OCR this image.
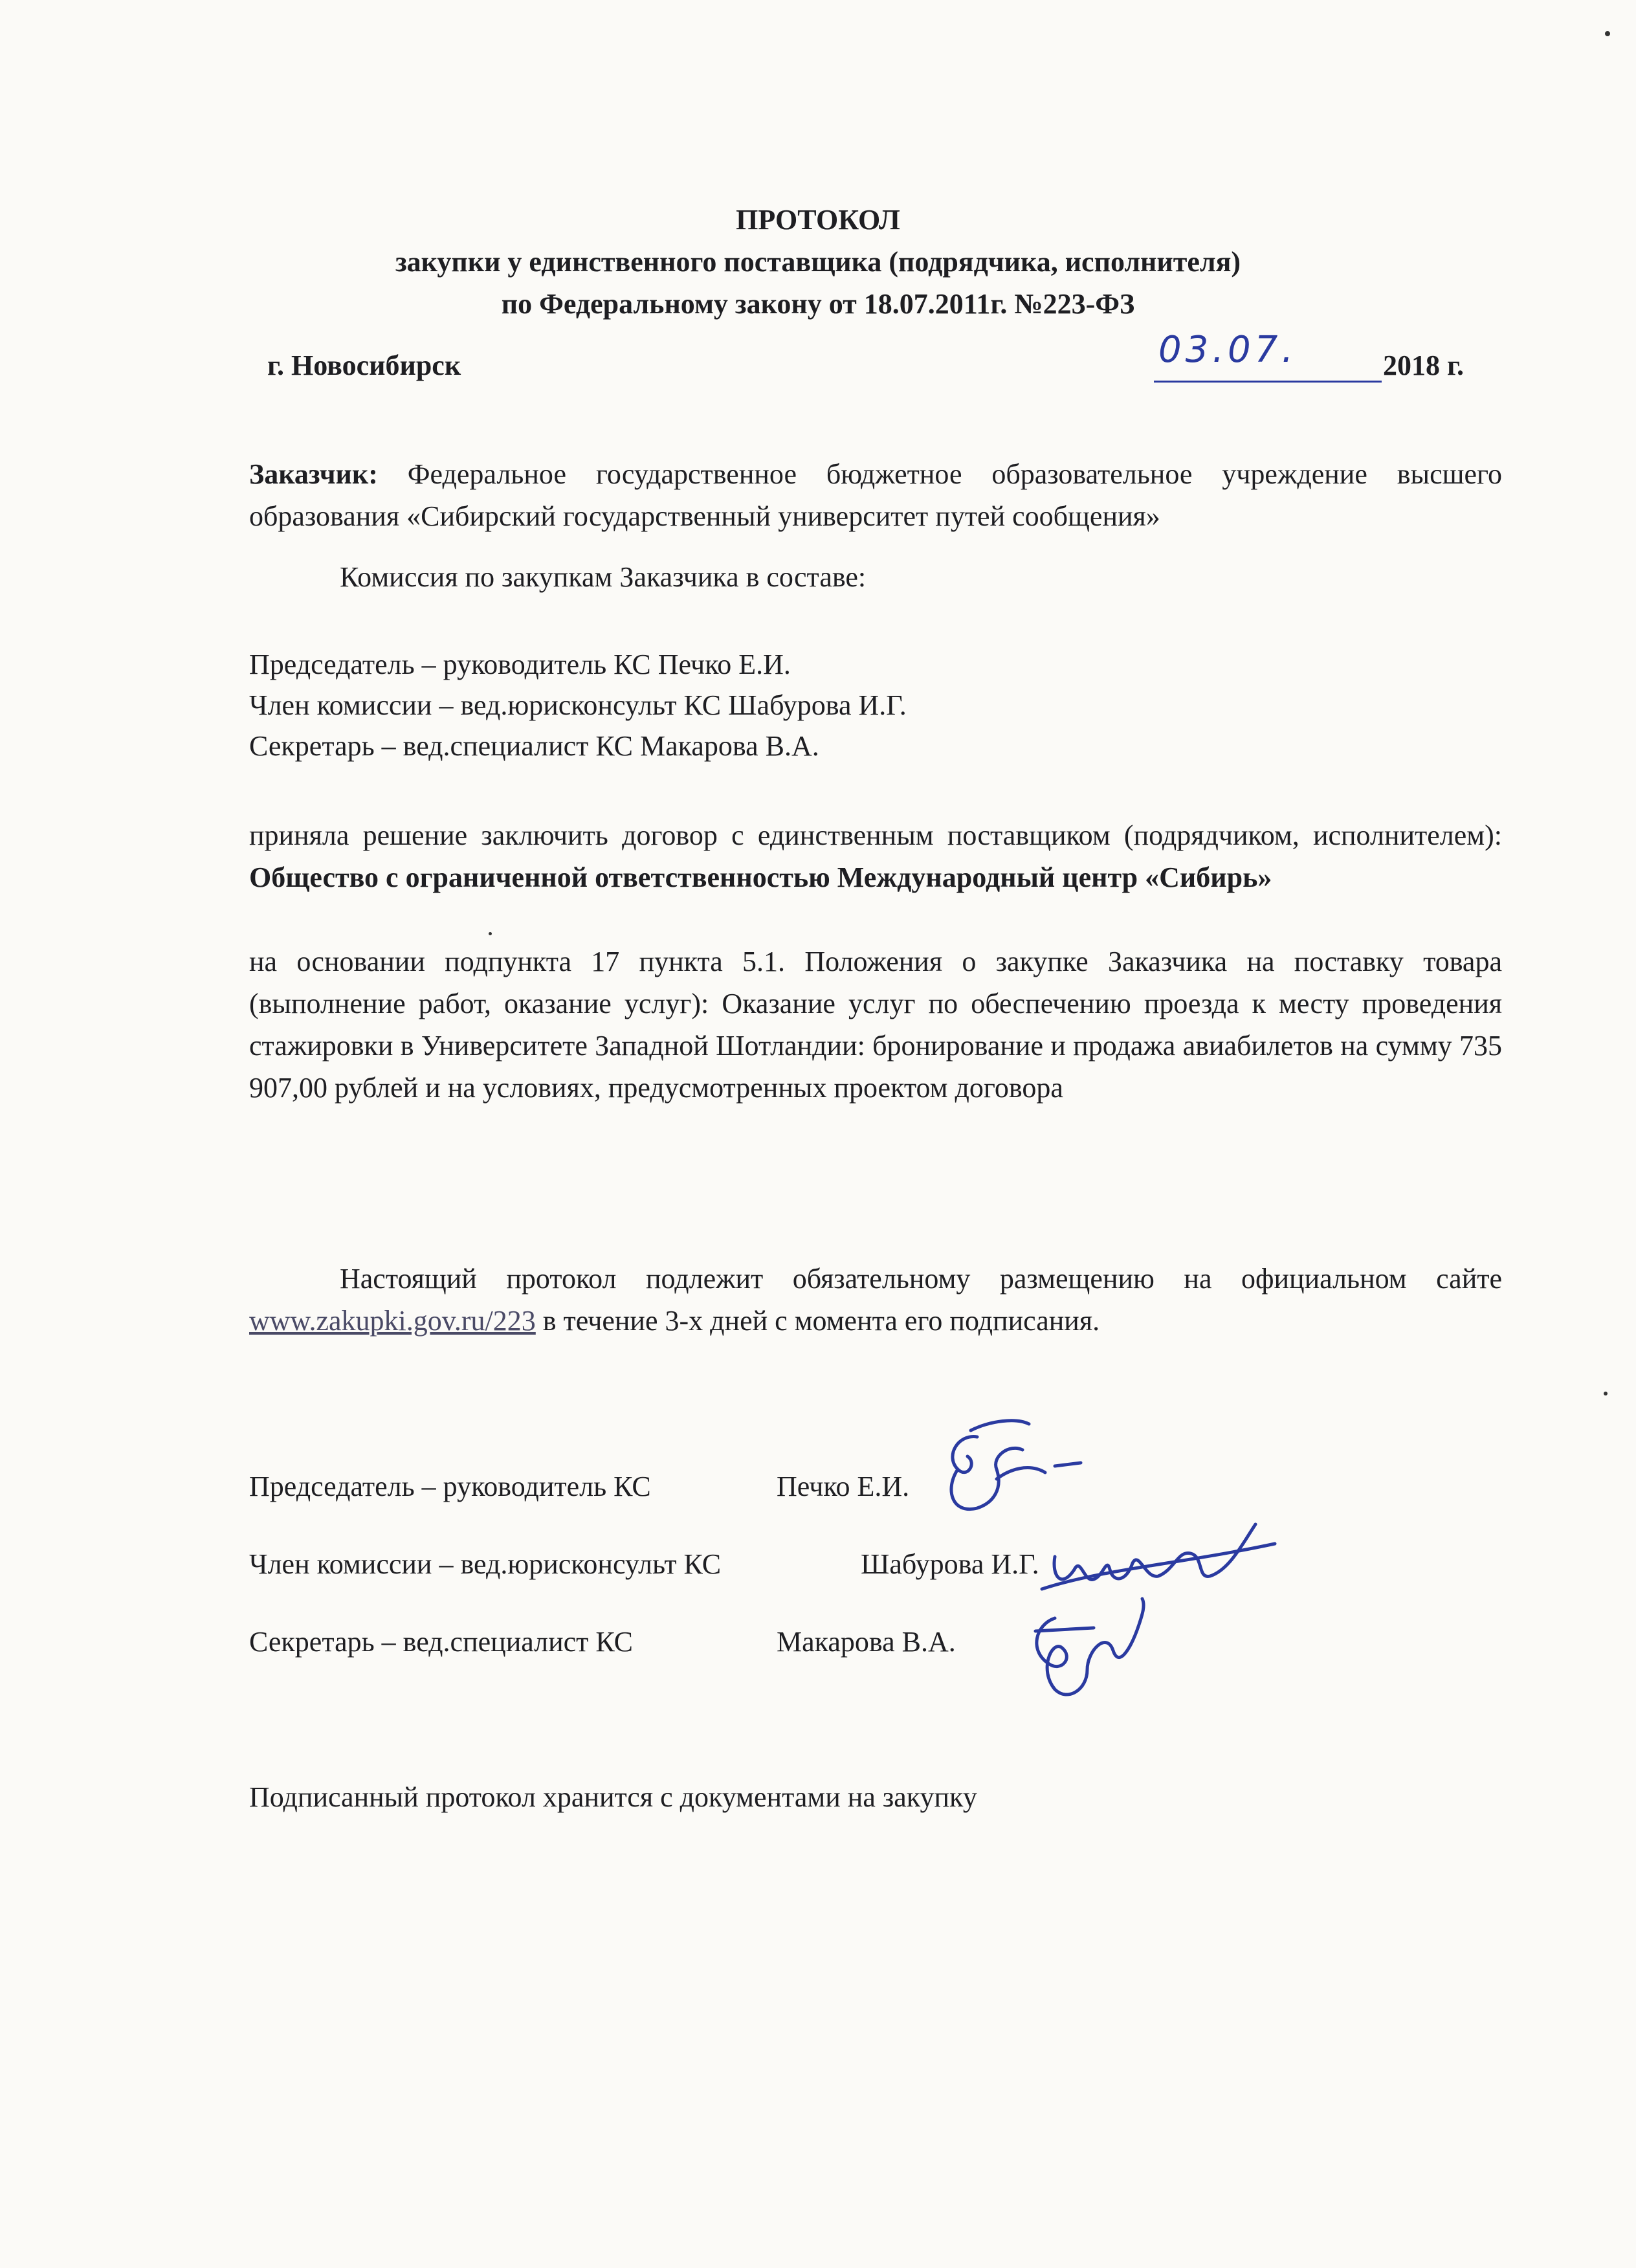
ПРОТОКОЛ
закупки у единственного поставщика (подрядчика, исполнителя)
по Федеральному закону от 18.07.2011г. №223-ФЗ
г. Новосибирск	03.07.	2018 г.

Заказчик: Федеральное государственное бюджетное образовательное учреждение высшего образования «Сибирский государственный университет путей сообщения»

Комиссия по закупкам Заказчика в составе:
Председатель – руководитель КС Печко Е.И.
Член комиссии – вед.юрисконсульт КС Шабурова И.Г.
Секретарь – вед.специалист КС Макарова В.А.

приняла решение заключить договор с единственным поставщиком (подрядчиком, исполнителем): Общество с ограниченной ответственностью Международный центр «Сибирь»

на основании подпункта 17 пункта 5.1. Положения о закупке Заказчика на поставку товара (выполнение работ, оказание услуг): Оказание услуг по обеспечению проезда к месту проведения стажировки в Университете Западной Шотландии: бронирование и продажа авиабилетов на сумму 735 907,00 рублей и на условиях, предусмотренных проектом договора

Настоящий протокол подлежит обязательному размещению на официальном сайте www.zakupki.gov.ru/223 в течение 3-х дней с момента его подписания.

Председатель – руководитель КС	Печко Е.И.
Член комиссии – вед.юрисконсульт КС	Шабурова И.Г.
Секретарь – вед.специалист КС	Макарова В.А.
Подписанный протокол хранится с документами на закупку
